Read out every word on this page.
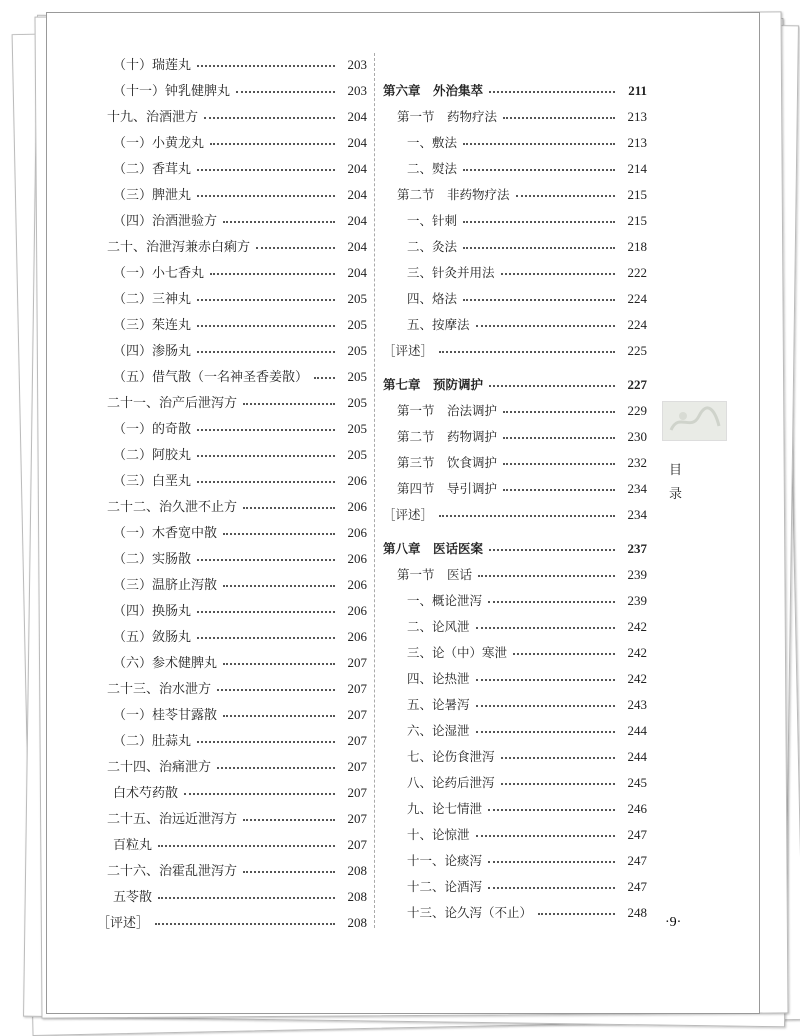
（十）瑞莲丸	203
（十一）钟乳健脾丸	203
十九、治酒泄方	204
（一）小黄龙丸	204
（二）香茸丸	204
（三）脾泄丸	204
（四）治酒泄验方	204
二十、治泄泻兼赤白痢方	204
（一）小七香丸	204
（二）三神丸	205
（三）茱连丸	205
（四）渗肠丸	205
（五）借气散（一名神圣香姜散）	205
二十一、治产后泄泻方	205
（一）的奇散	205
（二）阿胶丸	205
（三）白垩丸	206
二十二、治久泄不止方	206
（一）木香宽中散	206
（二）实肠散	206
（三）温脐止泻散	206
（四）换肠丸	206
（五）敛肠丸	206
（六）参术健脾丸	207
二十三、治水泄方	207
（一）桂苓甘露散	207
（二）肚蒜丸	207
二十四、治痛泄方	207
白术芍药散	207
二十五、治远近泄泻方	207
百粒丸	207
二十六、治霍乱泄泻方	208
五苓散	208
［评述］	208
第六章　外治集萃	211
第一节　药物疗法	213
一、敷法	213
二、熨法	214
第二节　非药物疗法	215
一、针刺	215
二、灸法	218
三、针灸并用法	222
四、烙法	224
五、按摩法	224
［评述］	225
第七章　预防调护	227
第一节　治法调护	229
第二节　药物调护	230
第三节　饮食调护	232
第四节　导引调护	234
［评述］	234
第八章　医话医案	237
第一节　医话	239
一、概论泄泻	239
二、论风泄	242
三、论（中）寒泄	242
四、论热泄	242
五、论暑泻	243
六、论湿泄	244
七、论伤食泄泻	244
八、论药后泄泻	245
九、论七情泄	246
十、论惊泄	247
十一、论痰泻	247
十二、论酒泻	247
十三、论久泻（不止）	248
目
录
·9·
